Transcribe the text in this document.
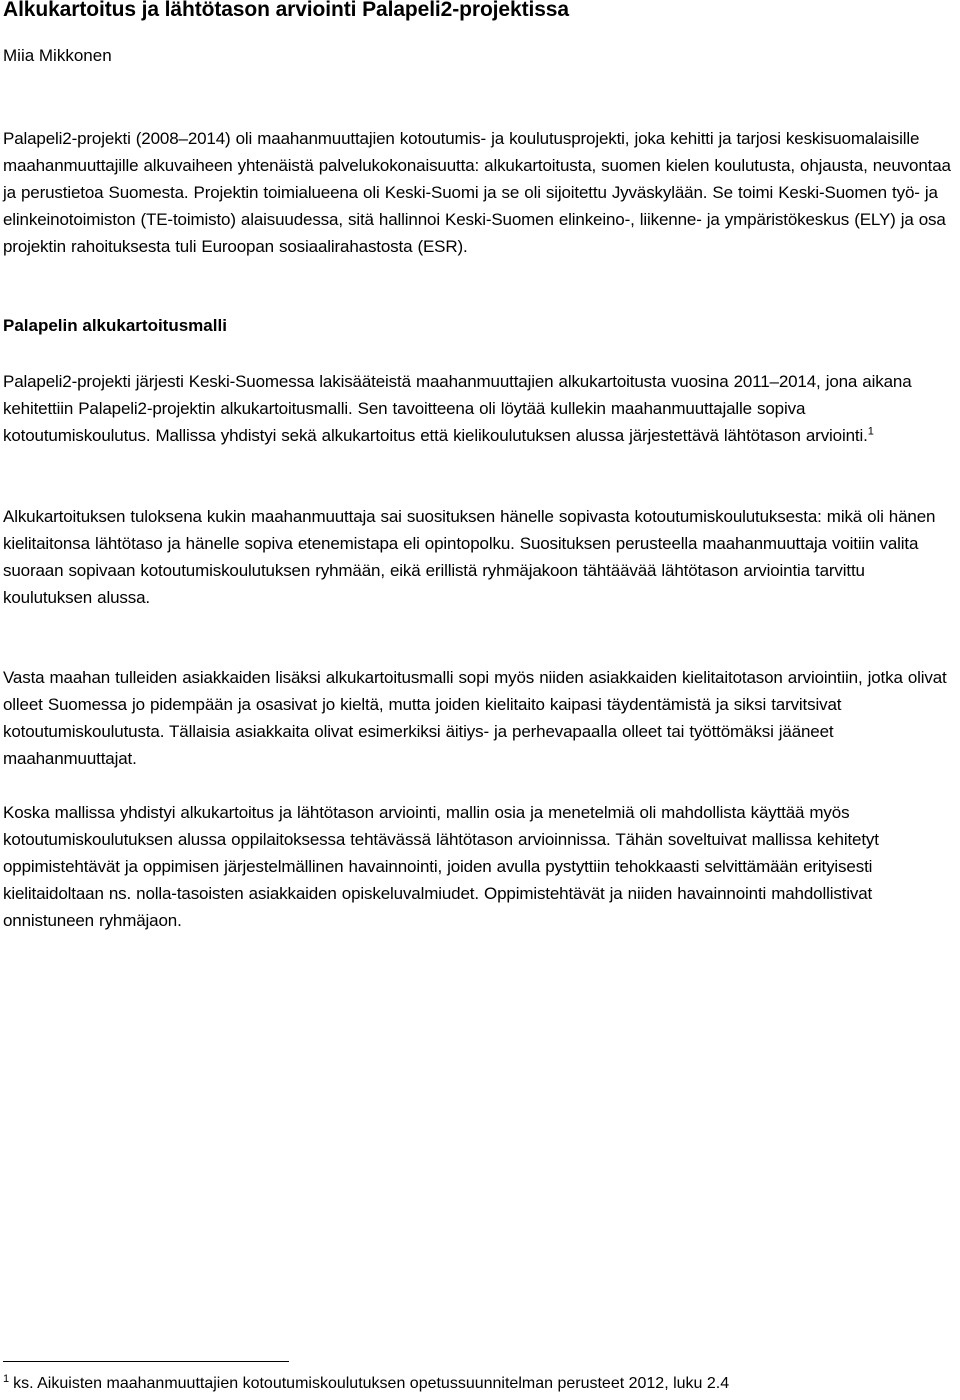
Alkukartoitus ja lähtötason arviointi Palapeli2-projektissa

Miia Mikkonen

Palapeli2-projekti (2008–2014) oli maahanmuuttajien kotoutumis- ja koulutusprojekti, joka kehitti ja tarjosi keskisuomalaisille maahanmuuttajille alkuvaiheen yhtenäistä palvelukokonaisuutta: alkukartoitusta, suomen kielen koulutusta, ohjausta, neuvontaa ja perustietoa Suomesta. Projektin toimialueena oli Keski-Suomi ja se oli sijoitettu Jyväskylään. Se toimi Keski-Suomen työ- ja elinkeinotoimiston (TE-toimisto) alaisuudessa, sitä hallinnoi Keski-Suomen elinkeino-, liikenne- ja ympäristökeskus (ELY) ja osa projektin rahoituksesta tuli Euroopan sosiaalirahastosta (ESR).

Palapelin alkukartoitusmalli

Palapeli2-projekti järjesti Keski-Suomessa lakisääteistä maahanmuuttajien alkukartoitusta vuosina 2011–2014, jona aikana kehitettiin Palapeli2-projektin alkukartoitusmalli. Sen tavoitteena oli löytää kullekin maahanmuuttajalle sopiva kotoutumiskoulutus. Mallissa yhdistyi sekä alkukartoitus että kielikoulutuksen alussa järjestettävä lähtötason arviointi.$^1$

Alkukartoituksen tuloksena kukin maahanmuuttaja sai suosituksen hänelle sopivasta kotoutumiskoulutuksesta: mikä oli hänen kielitaitonsa lähtötaso ja hänelle sopiva etenemistapa eli opintopolku. Suosituksen perusteella maahanmuuttaja voitiin valita suoraan sopivaan kotoutumiskoulutuksen ryhmään, eikä erillistä ryhmäjakoon tähtäävää lähtötason arviointia tarvittu koulutuksen alussa.

Vasta maahan tulleiden asiakkaiden lisäksi alkukartoitusmalli sopi myös niiden asiakkaiden kielitaitotason arviointiin, jotka olivat olleet Suomessa jo pidempään ja osasivat jo kieltä, mutta joiden kielitaito kaipasi täydentämistä ja siksi tarvitsivat kotoutumiskoulutusta. Tällaisia asiakkaita olivat esimerkiksi äitiys- ja perhevapaalla olleet tai työttömäksi jääneet maahanmuuttajat.

Koska mallissa yhdistyi alkukartoitus ja lähtötason arviointi, mallin osia ja menetelmiä oli mahdollista käyttää myös kotoutumiskoulutuksen alussa oppilaitoksessa tehtävässä lähtötason arvioinnissa. Tähän soveltuivat mallissa kehitetyt oppimistehtävät ja oppimisen järjestelmällinen havainnointi, joiden avulla pystyttiin tehokkaasti selvittämään erityisesti kielitaidoltaan ns. nolla-tasoisten asiakkaiden opiskeluvalmiudet. Oppimistehtävät ja niiden havainnointi mahdollistivat onnistuneen ryhmäjaon.

$^1$ ks. Aikuisten maahanmuuttajien kotoutumiskoulutuksen opetussuunnitelman perusteet 2012, luku 2.4
